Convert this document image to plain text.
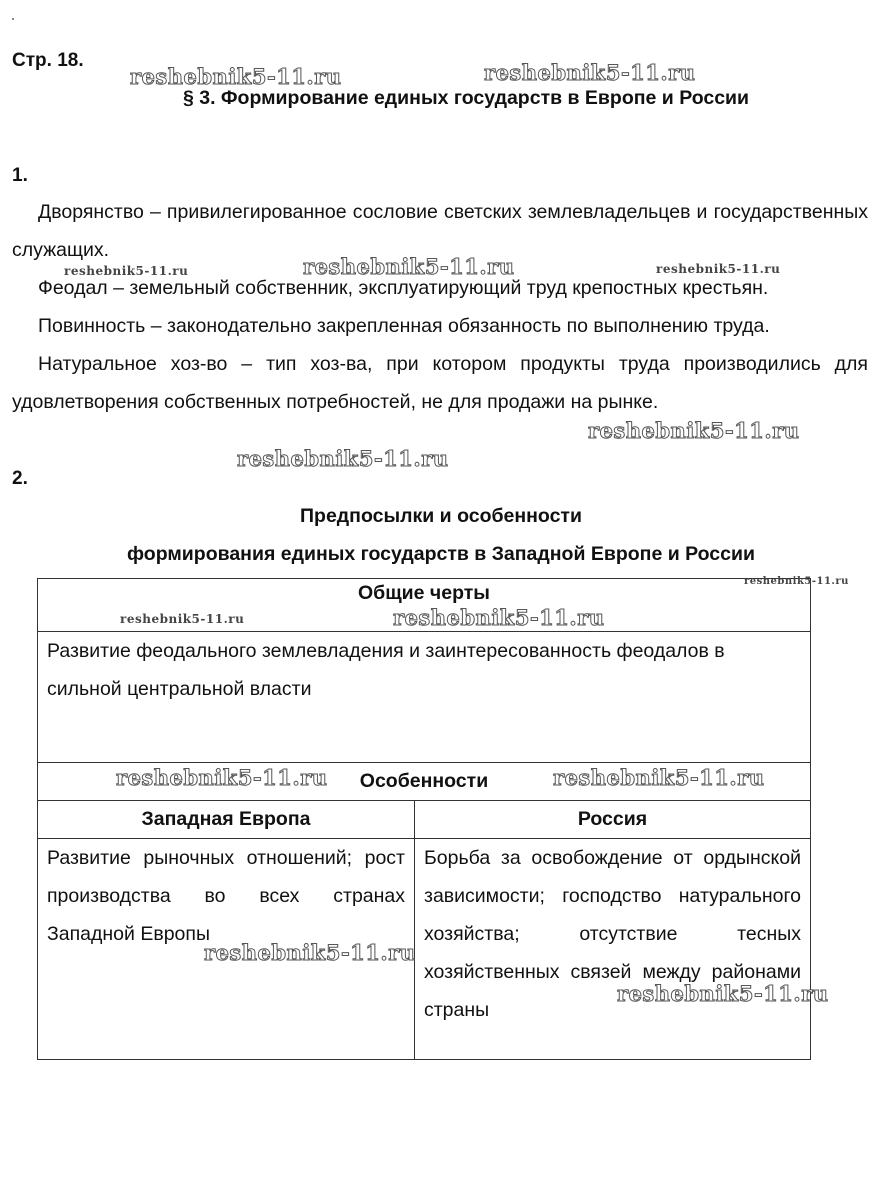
Стр. 18.
§ 3. Формирование единых государств в Европе и России
1.
Дворянство – привилегированное сословие светских землевладельцев и государственных служащих.
Феодал – земельный собственник, эксплуатирующий труд крепостных крестьян.
Повинность – законодательно закрепленная обязанность по выполнению труда.
Натуральное хоз-во – тип хоз-ва, при котором продукты труда производились для удовлетворения собственных потребностей, не для продажи на рынке.
2.
Предпосылки и особенности
формирования единых государств в Западной Европе и России
Общие черты	
Развитие феодального землевладения и заинтересованность феодалов в сильной центральной власти	
Особенности	
Западная Европа	Россия
Развитие рыночных отношений; рост производства во всех странах Западной Европы	Борьба за освобождение от ордынской зависимости; господство натурального хозяйства; отсутствие тесных хозяйственных связей между районами страны
reshebnik5-11.ru	reshebnik5-11.ru
reshebnik5-11.ru	reshebnik5-11.ru	reshebnik5-11.ru
reshebnik5-11.ru
reshebnik5-11.ru
reshebnik5-11.ru
reshebnik5-11.ru	reshebnik5-11.ru
reshebnik5-11.ru	reshebnik5-11.ru
reshebnik5-11.ru
reshebnik5-11.ru
